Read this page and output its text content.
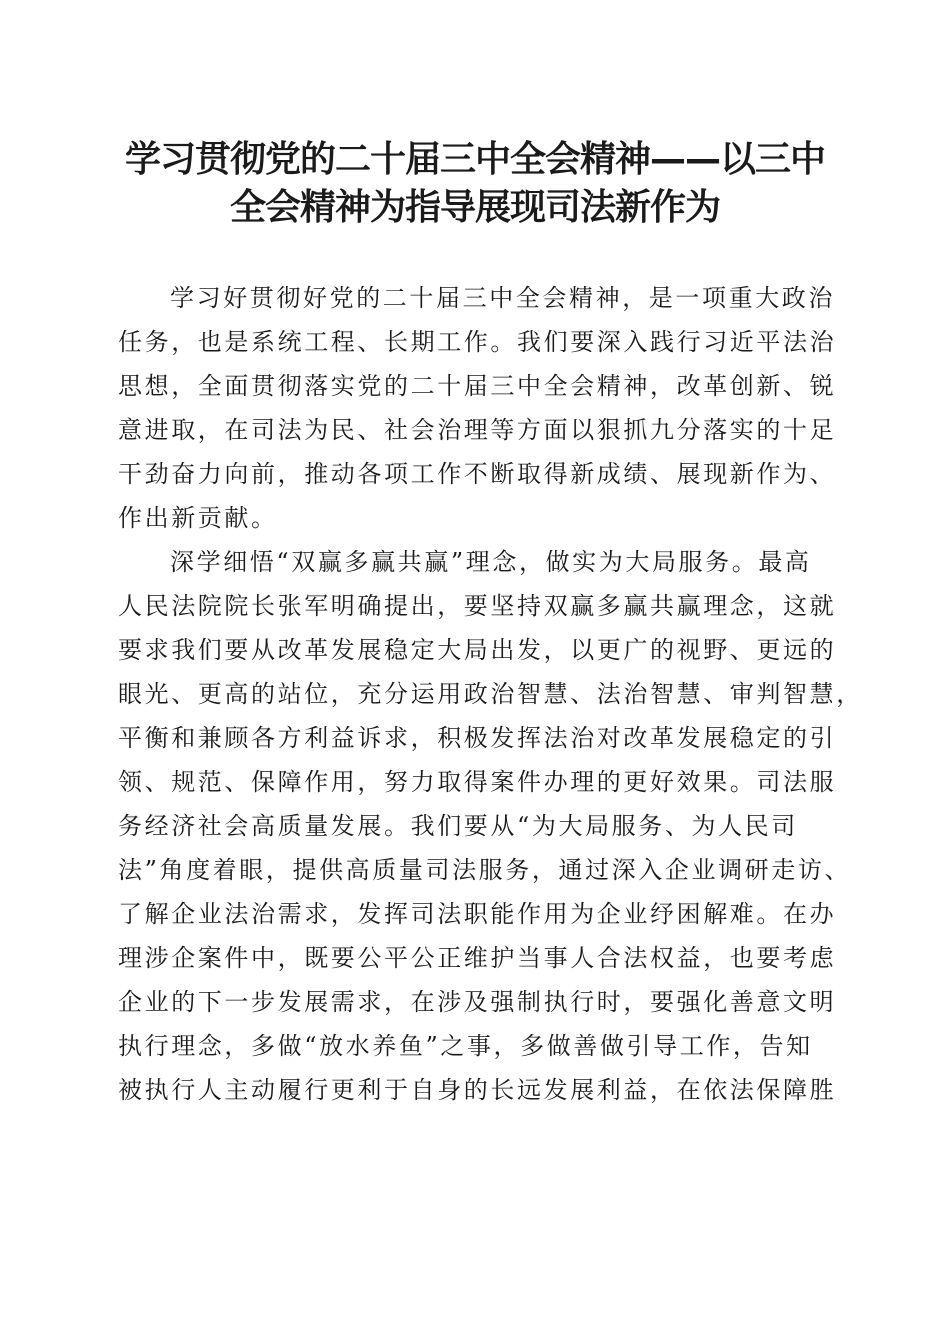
学习贯彻党的二十届三中全会精神——以三中
全会精神为指导展现司法新作为
学习好贯彻好党的二十届三中全会精神，是一项重大政治
任务，也是系统工程、长期工作。我们要深入践行习近平法治
思想，全面贯彻落实党的二十届三中全会精神，改革创新、锐
意进取，在司法为民、社会治理等方面以狠抓九分落实的十足
干劲奋力向前，推动各项工作不断取得新成绩、展现新作为、
作出新贡献。
深学细悟“双赢多赢共赢”理念，做实为大局服务。最高
人民法院院长张军明确提出，要坚持双赢多赢共赢理念，这就
要求我们要从改革发展稳定大局出发，以更广的视野、更远的
眼光、更高的站位，充分运用政治智慧、法治智慧、审判智慧，
平衡和兼顾各方利益诉求，积极发挥法治对改革发展稳定的引
领、规范、保障作用，努力取得案件办理的更好效果。司法服
务经济社会高质量发展。我们要从“为大局服务、为人民司
法”角度着眼，提供高质量司法服务，通过深入企业调研走访、
了解企业法治需求，发挥司法职能作用为企业纾困解难。在办
理涉企案件中，既要公平公正维护当事人合法权益，也要考虑
企业的下一步发展需求，在涉及强制执行时，要强化善意文明
执行理念，多做“放水养鱼”之事，多做善做引导工作，告知
被执行人主动履行更利于自身的长远发展利益，在依法保障胜
